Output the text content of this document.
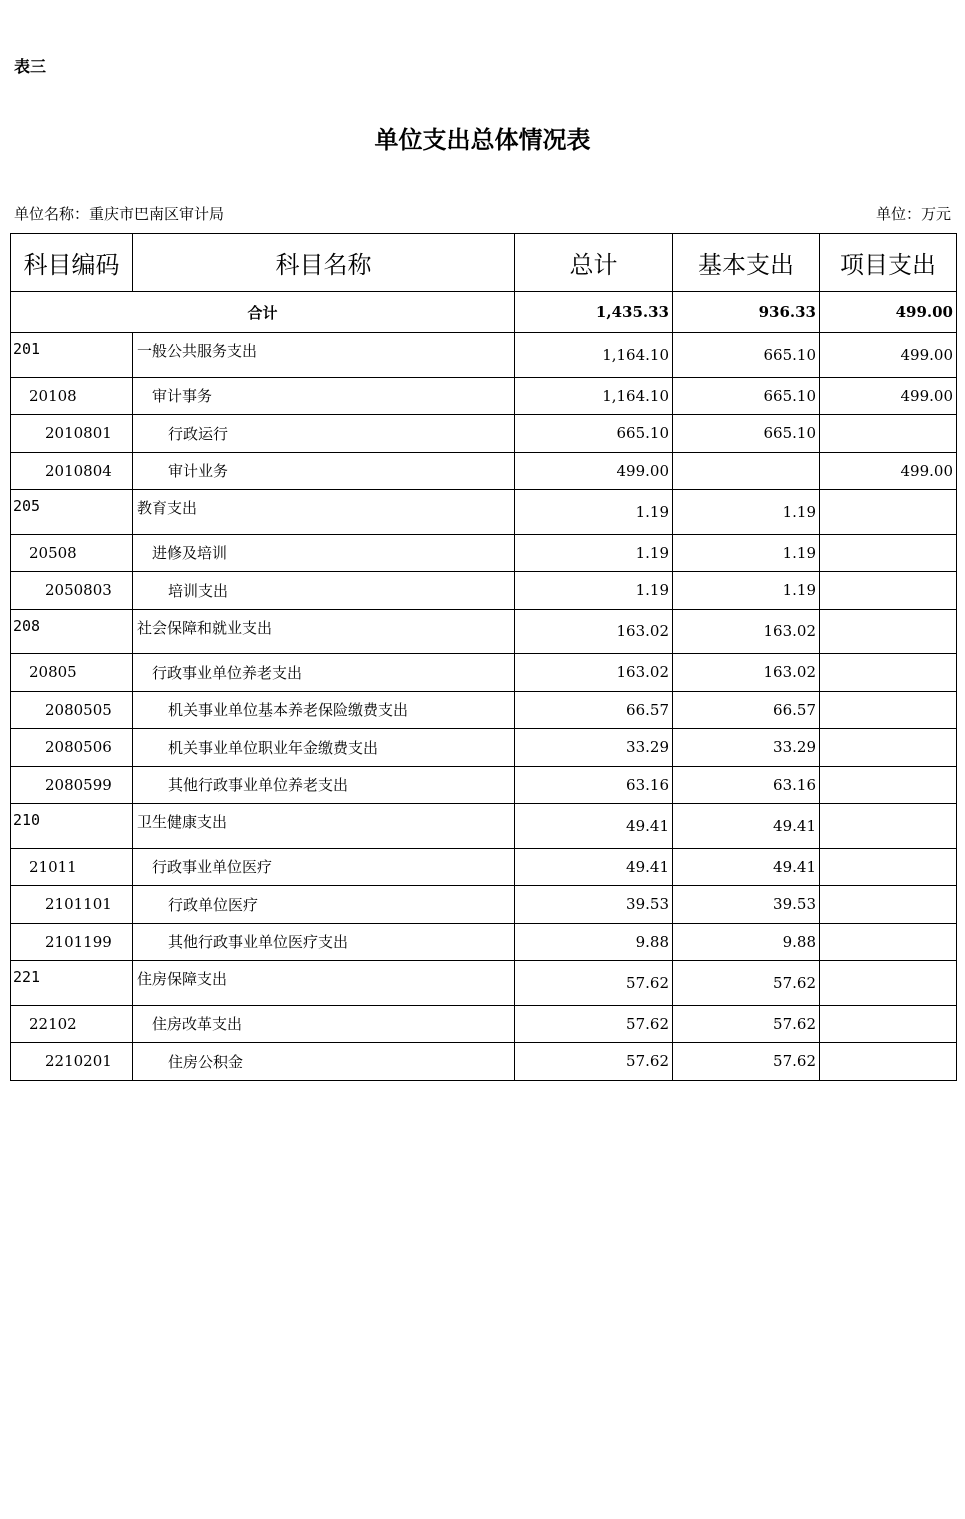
表三
单位支出总体情况表
单位名称：重庆市巴南区审计局	单位：万元
科目编码	科目名称	总计	基本支出	项目支出
合计		1,435.33	936.33	499.00
201	一般公共服务支出	1,164.10	665.10	499.00
20108	审计事务	1,164.10	665.10	499.00
2010801	行政运行	665.10	665.10	
2010804	审计业务	499.00		499.00
205	教育支出	1.19	1.19	
20508	进修及培训	1.19	1.19	
2050803	培训支出	1.19	1.19	
208	社会保障和就业支出	163.02	163.02	
20805	行政事业单位养老支出	163.02	163.02	
2080505	机关事业单位基本养老保险缴费支出	66.57	66.57	
2080506	机关事业单位职业年金缴费支出	33.29	33.29	
2080599	其他行政事业单位养老支出	63.16	63.16	
210	卫生健康支出	49.41	49.41	
21011	行政事业单位医疗	49.41	49.41	
2101101	行政单位医疗	39.53	39.53	
2101199	其他行政事业单位医疗支出	9.88	9.88	
221	住房保障支出	57.62	57.62	
22102	住房改革支出	57.62	57.62	
2210201	住房公积金	57.62	57.62	
